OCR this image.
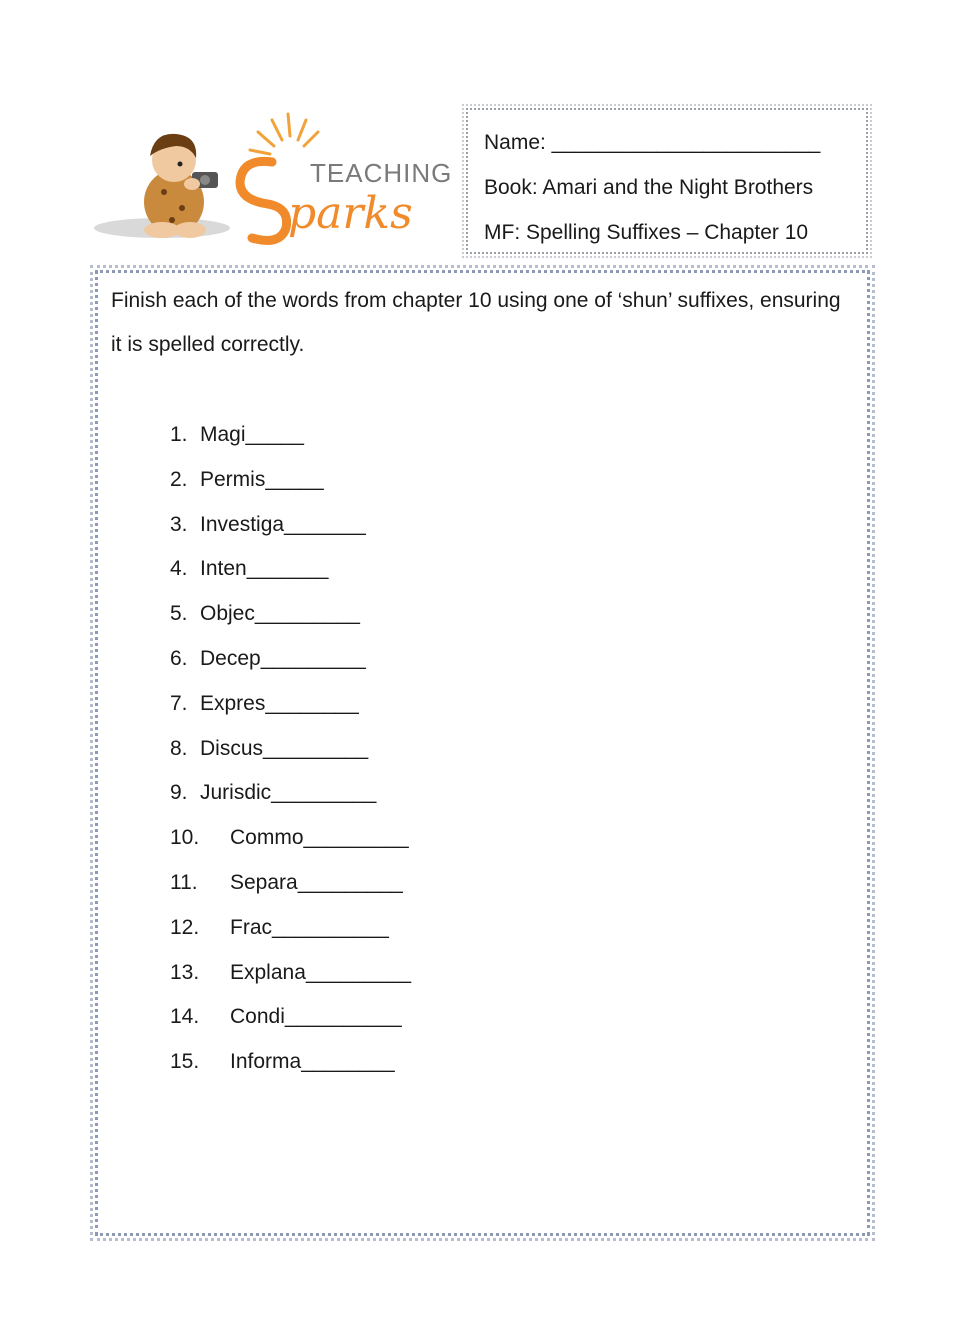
TEACHING
parks
Name: _______________________
Book: Amari and the Night Brothers
MF: Spelling Suffixes – Chapter 10
Finish each of the words from chapter 10 using one of ‘shun’ suffixes, ensuring it is spelled correctly.
1. Magi_____
2. Permis_____
3. Investiga_______
4. Inten_______
5. Objec_________
6. Decep_________
7. Expres________
8. Discus_________
9. Jurisdic_________
10. Commo_________
11. Separa_________
12. Frac__________
13. Explana_________
14. Condi__________
15. Informa________
